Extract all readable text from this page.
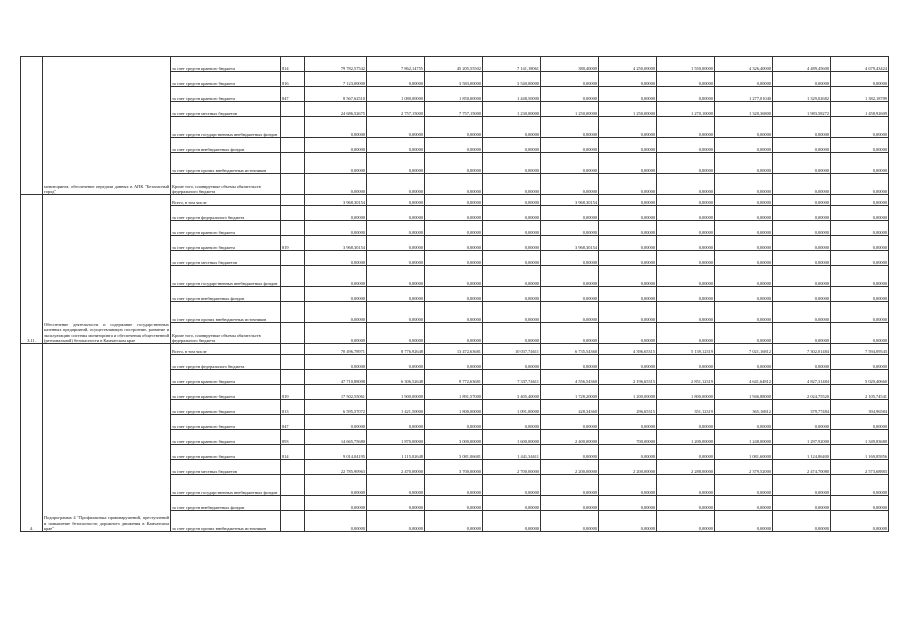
	мониторинга, обеспечение передачи данных в АПК "Безопасный город"	за счет средств краевого бюджета	814	79 782,57542	7 862,14755	45 205,55502	7 141,18061	380,40000	4 250,00000	1 550,00000	4 326,40000	4 489,45600	4 679,43424
		за счет средств краевого бюджета	816	7 123,00000	0,00000	3 583,00000	3 540,00000	0,00000	0,00000	0,00000	0,00000	0,00000	0,00000
		за счет средств краевого бюджета	847	8 567,62510	1 080,00000	1 850,00000	1 448,50000	0,00000	0,00000	0,00000	1 277,01040	1 329,02682	1 382,18789
		за счет средств местных бюджетов		24 686,52675	2 757,15000	7 757,15000	1 230,00000	1 250,00000	1 250,00000	1 270,10000	1 320,36800	1 983,58272	1 458,92609
		за счет средств государственных внебюджетных фондов		0,00000	0,00000	0,00000	0,00000	0,00000	0,00000	0,00000	0,00000	0,00000	0,00000
		за счет средств внебюджетных фондов		0,00000	0,00000	0,00000	0,00000	0,00000	0,00000	0,00000	0,00000	0,00000	0,00000
		за счет средств прочих внебюджетных источников		0,00000	0,00000	0,00000	0,00000	0,00000	0,00000	0,00000	0,00000	0,00000	0,00000
		Кроме того, планируемые объемы обязательств федерального бюджета		0,00000	0,00000	0,00000	0,00000	0,00000	0,00000	0,00000	0,00000	0,00000	0,00000
3.11.	Обеспечение деятельности и содержание государственных казенных предприятий, осуществляющих построение, развитие и эксплуатацию системы мониторинга и обеспечения общественной (региональной) безопасности в Камчатском крае	Всего, в том числе		3 968,30154	0,00000	0,00000	0,00000	3 968,30154	0,00000	0,00000	0,00000	0,00000	0,00000
		за счет средств федерального бюджета		0,00000	0,00000	0,00000	0,00000	0,00000	0,00000	0,00000	0,00000	0,00000	0,00000
		за счет средств краевого бюджета		0,00000	0,00000	0,00000	0,00000	0,00000	0,00000	0,00000	0,00000	0,00000	0,00000
		за счет средств краевого бюджета	819	3 968,30154	0,00000	0,00000	0,00000	3 968,30154	0,00000	0,00000	0,00000	0,00000	0,00000
		за счет средств местных бюджетов		0,00000	0,00000	0,00000	0,00000	0,00000	0,00000	0,00000	0,00000	0,00000	0,00000
		за счет средств государственных внебюджетных фондов		0,00000	0,00000	0,00000	0,00000	0,00000	0,00000	0,00000	0,00000	0,00000	0,00000
		за счет средств внебюджетных фондов		0,00000	0,00000	0,00000	0,00000	0,00000	0,00000	0,00000	0,00000	0,00000	0,00000
		за счет средств прочих внебюджетных источников		0,00000	0,00000	0,00000	0,00000	0,00000	0,00000	0,00000	0,00000	0,00000	0,00000
		Кроме того, планируемые объемы обязательств федерального бюджета		0,00000	0,00000	0,00000	0,00000	0,00000	0,00000	0,00000	0,00000	0,00000	0,00000
4.	Подпрограмма 4 "Профилактика правонарушений, преступлений и повышение безопасности дорожного движения в Камчатском крае"	Всего, в том числе		70 496,78971	8 776,92648	13 472,63681	10 037,74611	6 735,54360	4 396,65315	5 139,12319	7 021,16812	7 302,01484	7 594,09543
		за счет средств федерального бюджета		0,00000	0,00000	0,00000	0,00000	0,00000	0,00000	0,00000	0,00000	0,00000	0,00000
		за счет средств краевого бюджета		47 710,88008	6 306,52648	9 772,63681	7 337,74611	4 556,54360	2 196,65315	2 851,12319	4 641,64812	4 827,31484	5 020,40660
		за счет средств краевого бюджета	819	17 502,55061	1 900,00000	1 891,57000	3 405,40000	1 728,20000	1 200,00000	1 800,00000	1 946,88000	2 024,75520	2 105,74541
		за счет средств краевого бюджета	813	6 595,57072	1 421,50000	1 800,00000	1 091,00000	428,34360	296,65315	351,12319	365,16812	379,77484	394,96584
		за счет средств краевого бюджета	847	0,00000	0,00000	0,00000	0,00000	0,00000	0,00000	0,00000	0,00000	0,00000	0,00000
		за счет средств краевого бюджета	893	14 665,75680	1 870,00000	3 000,00000	1 600,00000	2 400,00000	700,00000	1 200,00000	1 248,00000	1 297,92000	1 349,83680
		за счет средств краевого бюджета	814	9 014,04195	1 115,02648	3 081,06681	1 441,34611	0,00000	0,00000	0,00000	1 081,60000	1 124,86400	1 169,85856
		за счет средств местных бюджетов		22 785,90963	2 470,00000	3 700,00000	2 700,00000	2 200,00000	2 200,00000	2 288,00000	2 379,52000	2 474,70080	2 573,68883
		за счет средств государственных внебюджетных фондов		0,00000	0,00000	0,00000	0,00000	0,00000	0,00000	0,00000	0,00000	0,00000	0,00000
		за счет средств внебюджетных фондов		0,00000	0,00000	0,00000	0,00000	0,00000	0,00000	0,00000	0,00000	0,00000	0,00000
		за счет средств прочих внебюджетных источников		0,00000	0,00000	0,00000	0,00000	0,00000	0,00000	0,00000	0,00000	0,00000	0,00000
